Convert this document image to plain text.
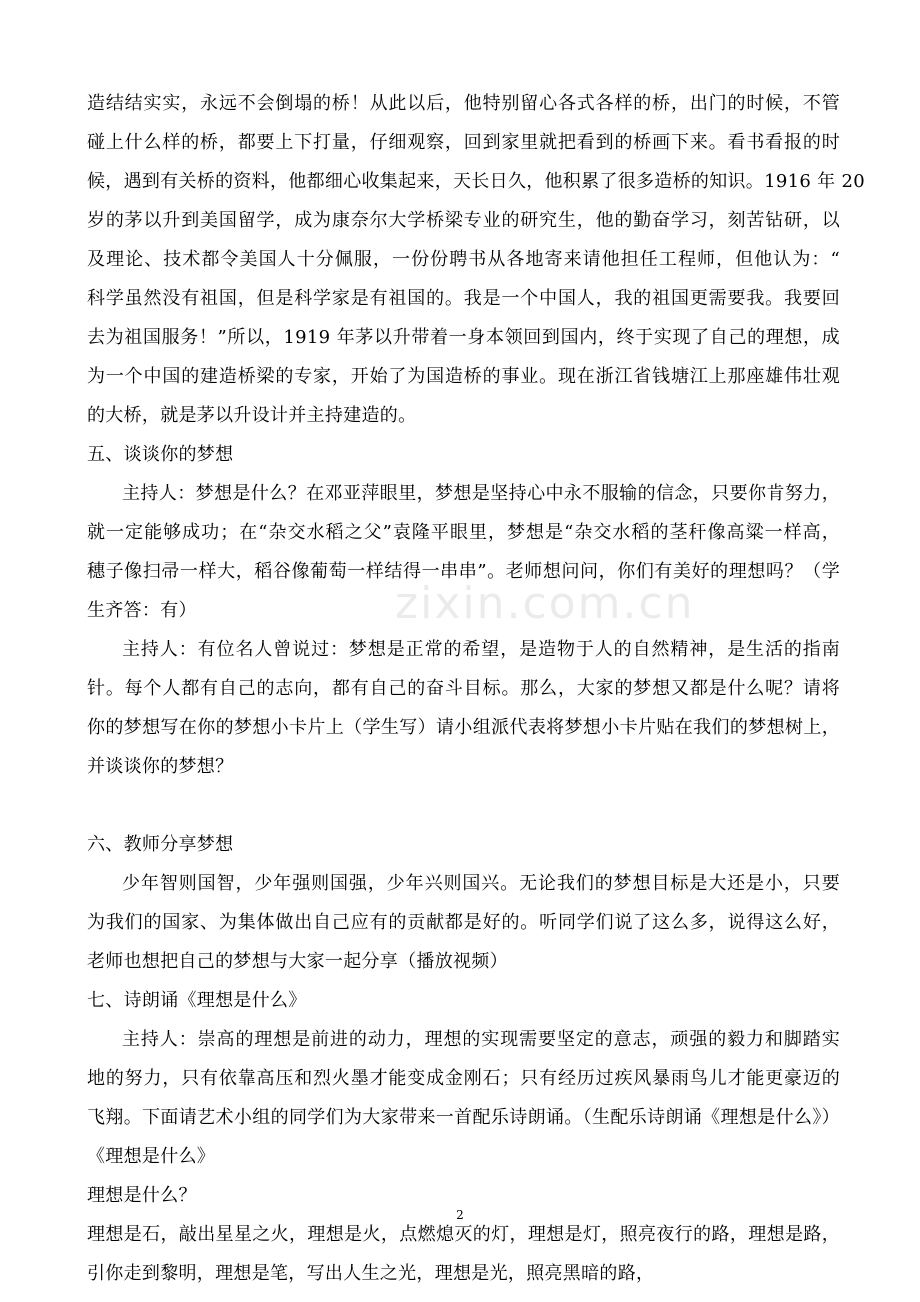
zixin.com.cn
造结结实实，永远不会倒塌的桥！从此以后，他特别留心各式各样的桥，出门的时候，不管
碰上什么样的桥，都要上下打量，仔细观察，回到家里就把看到的桥画下来。看书看报的时
候，遇到有关桥的资料，他都细心收集起来，天长日久，他积累了很多造桥的知识。1916 年 20
岁的茅以升到美国留学，成为康奈尔大学桥梁专业的研究生，他的勤奋学习，刻苦钻研，以
及理论、技术都令美国人十分佩服，一份份聘书从各地寄来请他担任工程师，但他认为：“
科学虽然没有祖国，但是科学家是有祖国的。我是一个中国人，我的祖国更需要我。我要回
去为祖国服务！”所以，1919 年茅以升带着一身本领回到国内，终于实现了自己的理想，成
为一个中国的建造桥梁的专家，开始了为国造桥的事业。现在浙江省钱塘江上那座雄伟壮观
的大桥，就是茅以升设计并主持建造的。
五、谈谈你的梦想
主持人：梦想是什么？在邓亚萍眼里，梦想是坚持心中永不服输的信念，只要你肯努力，
就一定能够成功；在“杂交水稻之父”袁隆平眼里，梦想是“杂交水稻的茎秆像高粱一样高，
穗子像扫帚一样大，稻谷像葡萄一样结得一串串”。老师想问问，你们有美好的理想吗？（学
生齐答：有）
主持人：有位名人曾说过：梦想是正常的希望，是造物于人的自然精神，是生活的指南
针。每个人都有自己的志向，都有自己的奋斗目标。那么，大家的梦想又都是什么呢？请将
你的梦想写在你的梦想小卡片上（学生写）请小组派代表将梦想小卡片贴在我们的梦想树上，
并谈谈你的梦想？
六、教师分享梦想
少年智则国智，少年强则国强，少年兴则国兴。无论我们的梦想目标是大还是小，只要
为我们的国家、为集体做出自己应有的贡献都是好的。听同学们说了这么多，说得这么好，
老师也想把自己的梦想与大家一起分享（播放视频）
七、诗朗诵《理想是什么》
主持人：崇高的理想是前进的动力，理想的实现需要坚定的意志，顽强的毅力和脚踏实
地的努力，只有依靠高压和烈火墨才能变成金刚石；只有经历过疾风暴雨鸟儿才能更豪迈的
飞翔。下面请艺术小组的同学们为大家带来一首配乐诗朗诵。（生配乐诗朗诵《理想是什么》）
《理想是什么》
理想是什么？
理想是石，敲出星星之火，理想是火，点燃熄灭的灯，理想是灯，照亮夜行的路，理想是路，
引你走到黎明，理想是笔，写出人生之光，理想是光，照亮黑暗的路，
2
